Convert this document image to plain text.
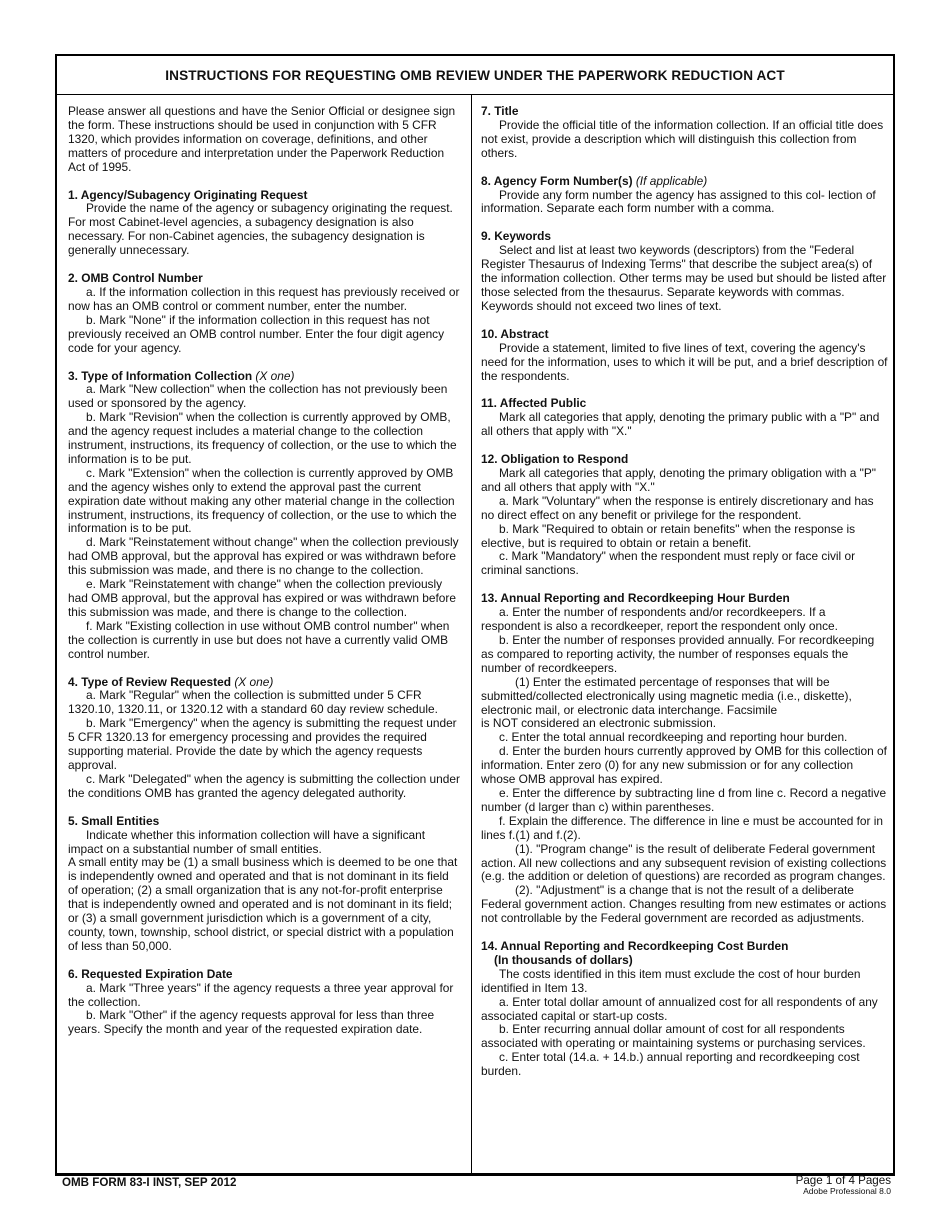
INSTRUCTIONS FOR REQUESTING OMB REVIEW UNDER THE PAPERWORK REDUCTION ACT

Please answer all questions and have the Senior Official or designee sign the form. These instructions should be used in conjunction with 5 CFR 1320, which provides information on coverage, definitions, and other matters of procedure and interpretation under the Paperwork Reduction Act of 1995.

1. Agency/Subagency Originating Request

Provide the name of the agency or subagency originating the request. For most Cabinet-level agencies, a subagency designation is also necessary. For non-Cabinet agencies, the subagency designation is generally unnecessary.

2. OMB Control Number

a. If the information collection in this request has previously received or now has an OMB control or comment number, enter the number.

b. Mark "None" if the information collection in this request has not previously received an OMB control number. Enter the four digit agency code for your agency.

3. Type of Information Collection (X one)

a. Mark "New collection" when the collection has not previously been used or sponsored by the agency.

b. Mark "Revision" when the collection is currently approved by OMB, and the agency request includes a material change to the collection instrument, instructions, its frequency of collection, or the use to which the information is to be put.

c. Mark "Extension" when the collection is currently approved by OMB and the agency wishes only to extend the approval past the current expiration date without making any other material change in the collection instrument, instructions, its frequency of collection, or the use to which the information is to be put.

d. Mark "Reinstatement without change" when the collection previously had OMB approval, but the approval has expired or was withdrawn before this submission was made, and there is no change to the collection.

e. Mark "Reinstatement with change" when the collection previously had OMB approval, but the approval has expired or was withdrawn before this submission was made, and there is change to the collection.

f. Mark "Existing collection in use without OMB control number" when the collection is currently in use but does not have a currently valid OMB control number.

4. Type of Review Requested (X one)

a. Mark "Regular" when the collection is submitted under 5 CFR 1320.10, 1320.11, or 1320.12 with a standard 60 day review schedule.

b. Mark "Emergency" when the agency is submitting the request under 5 CFR 1320.13 for emergency processing and provides the required supporting material. Provide the date by which the agency requests approval.

c. Mark "Delegated" when the agency is submitting the collection under the conditions OMB has granted the agency delegated authority.

5. Small Entities

Indicate whether this information collection will have a significant impact on a substantial number of small entities.

A small entity may be (1) a small business which is deemed to be one that is independently owned and operated and that is not dominant in its field of operation; (2) a small organization that is any not-for-profit enterprise that is independently owned and operated and is not dominant in its field; or (3) a small government jurisdiction which is a government of a city, county, town, township, school district, or special district with a population of less than 50,000.

6. Requested Expiration Date

a. Mark "Three years" if the agency requests a three year approval for the collection.

b. Mark "Other" if the agency requests approval for less than three years. Specify the month and year of the requested expiration date.

7. Title

Provide the official title of the information collection. If an official title does not exist, provide a description which will distinguish this collection from others.

8. Agency Form Number(s) (If applicable)

Provide any form number the agency has assigned to this col- lection of information. Separate each form number with a comma.

9. Keywords

Select and list at least two keywords (descriptors) from the "Federal Register Thesaurus of Indexing Terms" that describe the subject area(s) of the information collection. Other terms may be used but should be listed after those selected from the thesaurus. Separate keywords with commas. Keywords should not exceed two lines of text.

10. Abstract

Provide a statement, limited to five lines of text, covering the agency's need for the information, uses to which it will be put, and a brief description of the respondents.

11. Affected Public

Mark all categories that apply, denoting the primary public with a "P" and all others that apply with "X."

12. Obligation to Respond

Mark all categories that apply, denoting the primary obligation with a "P" and all others that apply with "X."

a. Mark "Voluntary" when the response is entirely discretionary and has no direct effect on any benefit or privilege for the respondent.

b. Mark "Required to obtain or retain benefits" when the response is elective, but is required to obtain or retain a benefit.

c. Mark "Mandatory" when the respondent must reply or face civil or criminal sanctions.

13. Annual Reporting and Recordkeeping Hour Burden

a. Enter the number of respondents and/or recordkeepers. If a respondent is also a recordkeeper, report the respondent only once.

b. Enter the number of responses provided annually. For recordkeeping as compared to reporting activity, the number of responses equals the number of recordkeepers.

(1) Enter the estimated percentage of responses that will be submitted/collected electronically using magnetic media (i.e., diskette), electronic mail, or electronic data interchange. Facsimile

is NOT considered an electronic submission.

c. Enter the total annual recordkeeping and reporting hour burden.

d. Enter the burden hours currently approved by OMB for this collection of information. Enter zero (0) for any new submission or for any collection whose OMB approval has expired.

e. Enter the difference by subtracting line d from line c. Record a negative number (d larger than c) within parentheses.

f. Explain the difference. The difference in line e must be accounted for in lines f.(1) and f.(2).

(1). "Program change" is the result of deliberate Federal government action. All new collections and any subsequent revision of existing collections (e.g. the addition or deletion of questions) are recorded as program changes.

(2). "Adjustment" is a change that is not the result of a deliberate Federal government action. Changes resulting from new estimates or actions not controllable by the Federal government are recorded as adjustments.

14. Annual Reporting and Recordkeeping Cost Burden
(In thousands of dollars)

The costs identified in this item must exclude the cost of hour burden identified in Item 13.

a. Enter total dollar amount of annualized cost for all respondents of any associated capital or start-up costs.

b. Enter recurring annual dollar amount of cost for all respondents associated with operating or maintaining systems or purchasing services.

c. Enter total (14.a. + 14.b.) annual reporting and recordkeeping cost burden.

OMB FORM 83-I INST, SEP 2012	Page 1 of 4 Pages
Adobe Professional 8.0
